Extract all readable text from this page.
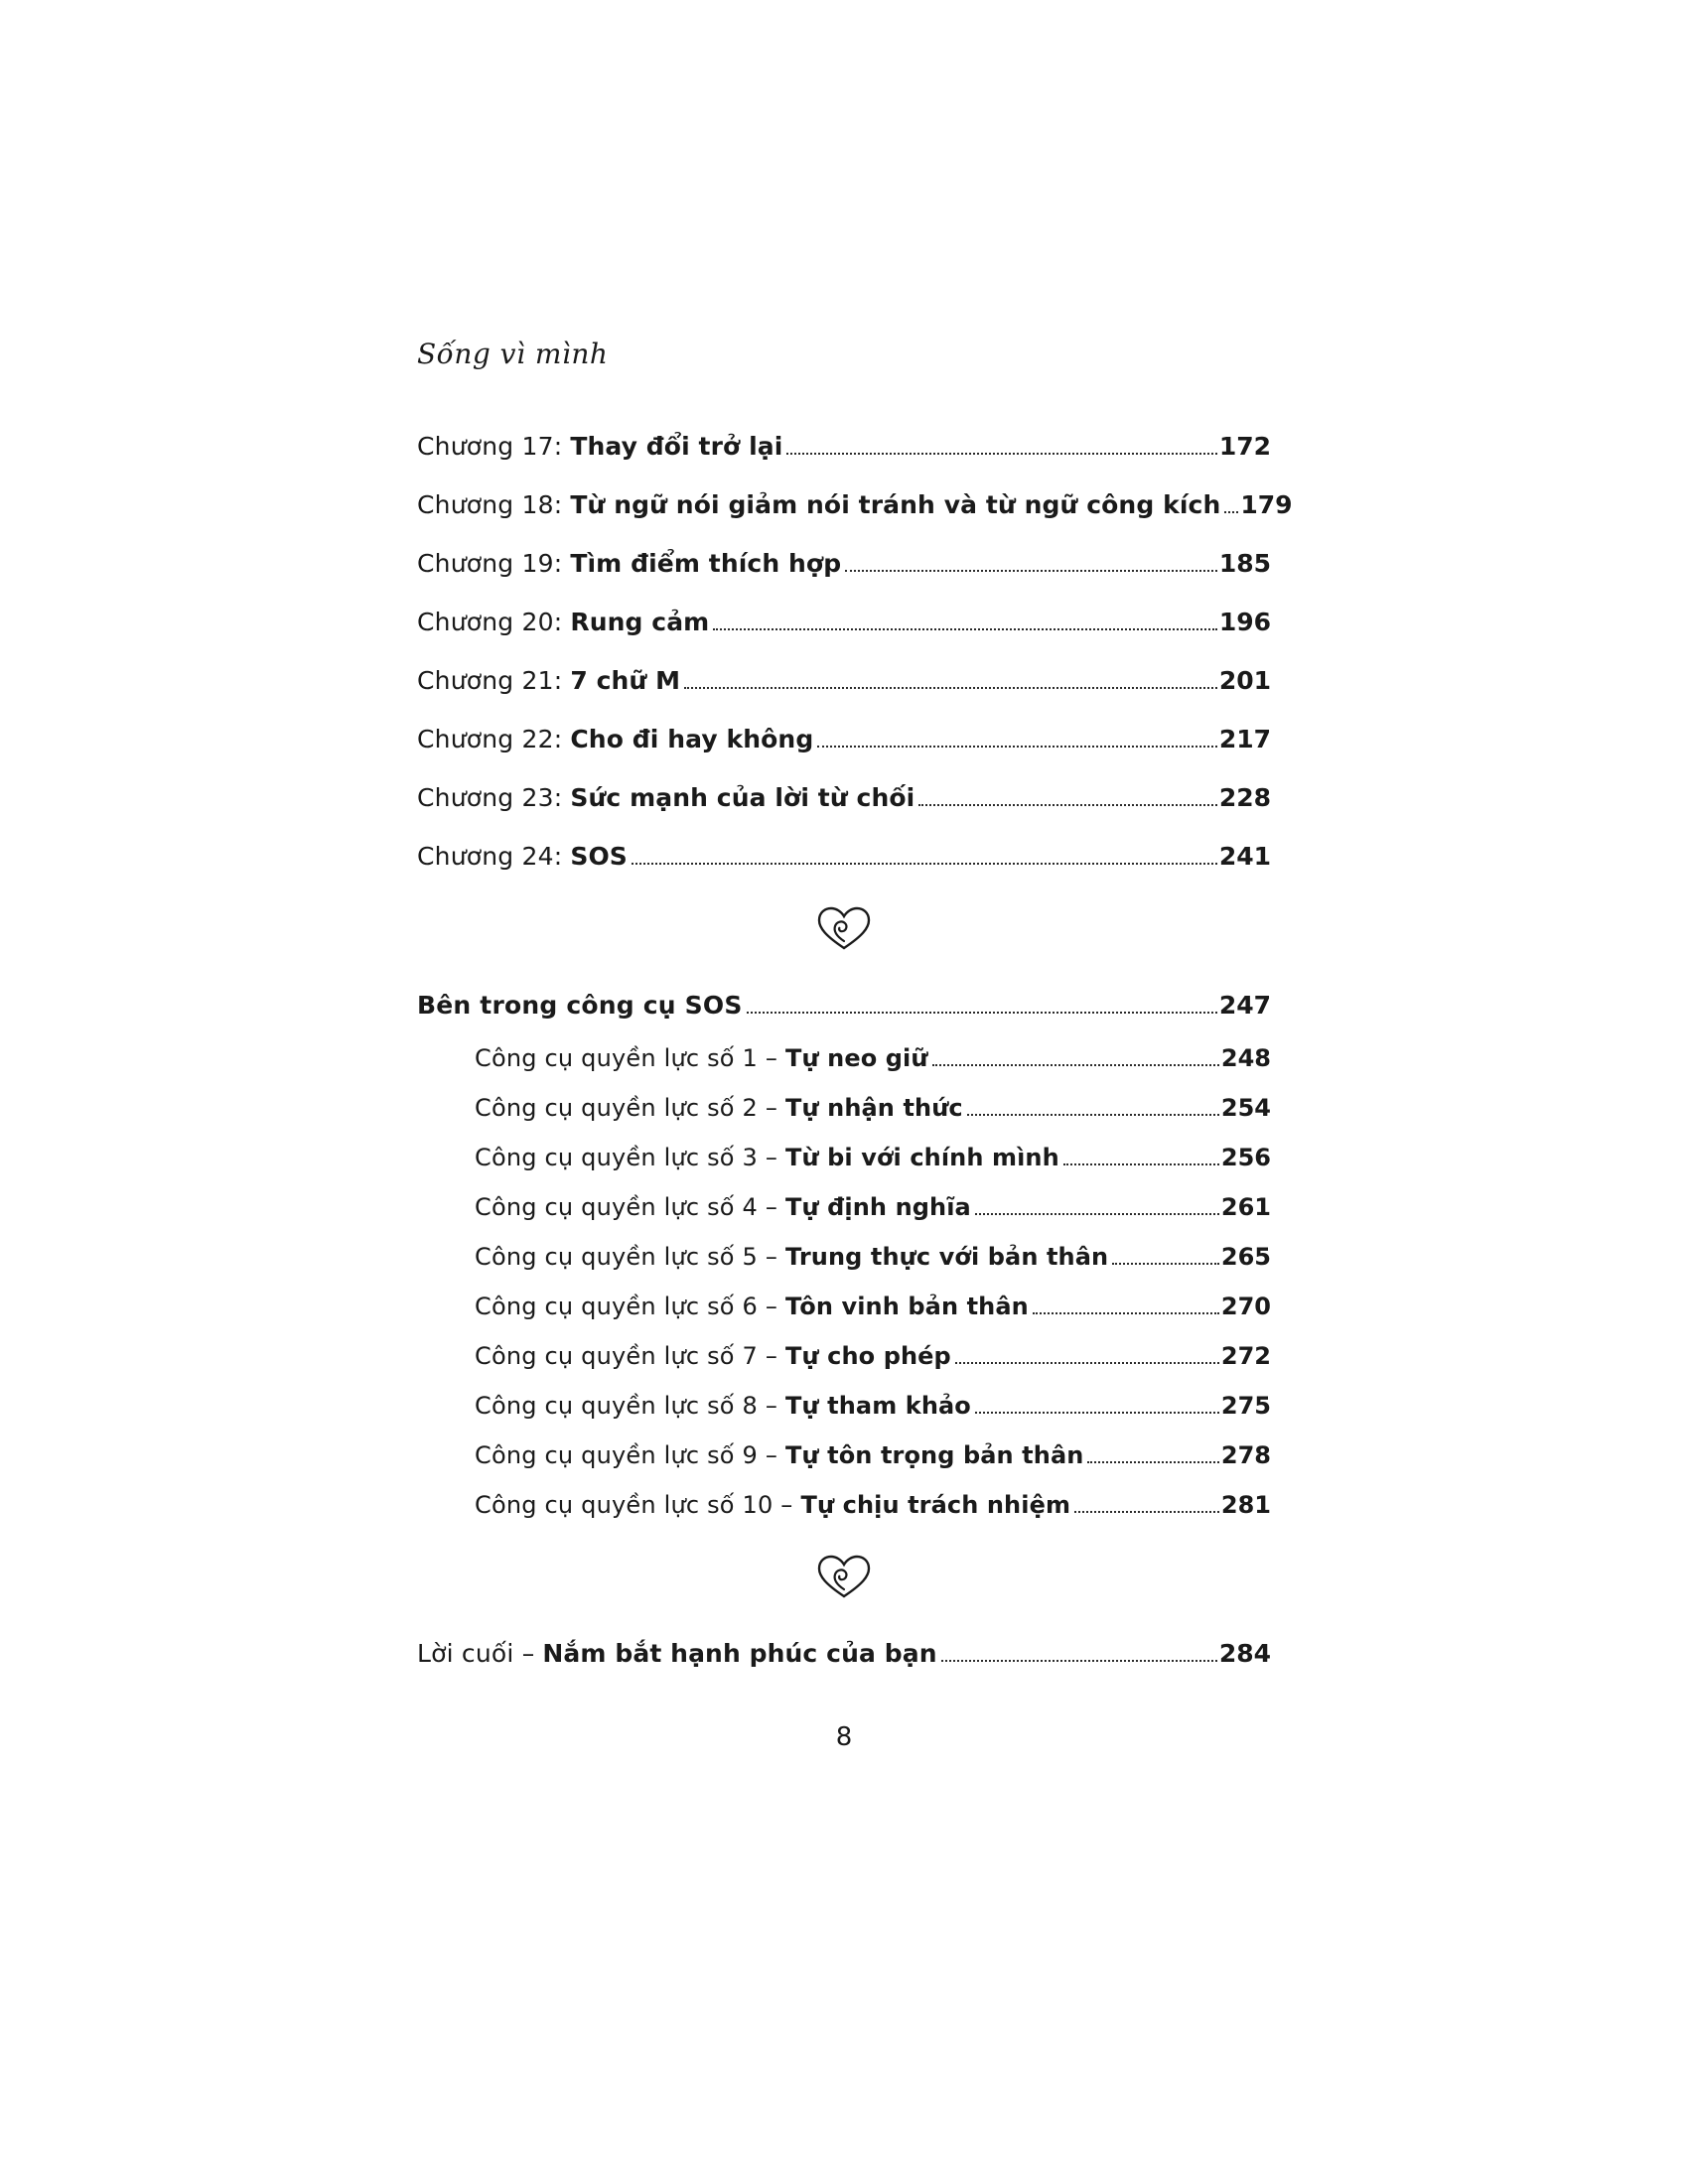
Sống vì mình
Chương 17: Thay đổi trở lại	172
Chương 18: Từ ngữ nói giảm nói tránh và từ ngữ công kích 179
Chương 19: Tìm điểm thích hợp	185
Chương 20: Rung cảm	196
Chương 21: 7 chữ M	201
Chương 22: Cho đi hay không	217
Chương 23: Sức mạnh của lời từ chối	228
Chương 24: SOS	241
Bên trong công cụ SOS	247
Công cụ quyền lực số 1 – Tự neo giữ	248
Công cụ quyền lực số 2 – Tự nhận thức	254
Công cụ quyền lực số 3 – Từ bi với chính mình	256
Công cụ quyền lực số 4 – Tự định nghĩa	261
Công cụ quyền lực số 5 – Trung thực với bản thân	265
Công cụ quyền lực số 6 – Tôn vinh bản thân	270
Công cụ quyền lực số 7 – Tự cho phép	272
Công cụ quyền lực số 8 – Tự tham khảo	275
Công cụ quyền lực số 9 – Tự tôn trọng bản thân	278
Công cụ quyền lực số 10 – Tự chịu trách nhiệm	281
Lời cuối – Nắm bắt hạnh phúc của bạn	284
8
